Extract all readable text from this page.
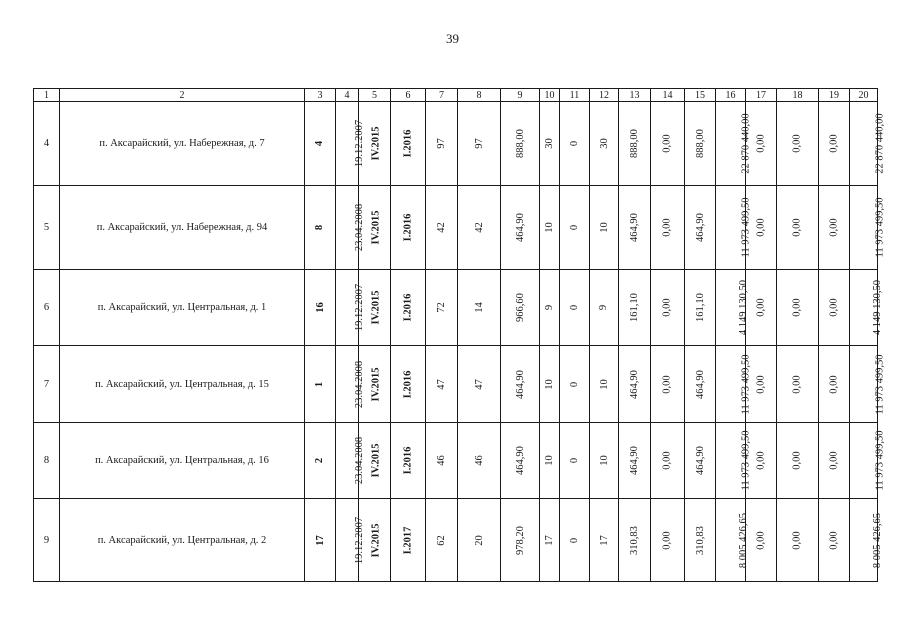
39
1	2	3	4	5	6	7	8	9	10	11	12	13	14	15	16	17	18	19	20
4	п. Аксарайский, ул. Набережная, д. 7	4	19.12.2007	IV.2015	I.2016	97	97	888,00	30	0	30	888,00	0,00	888,00	22 870 440,00	0,00	0,00	0,00	22 870 440,00
5	п. Аксарайский, ул. Набережная, д. 94	8	23.04.2008	IV.2015	I.2016	42	42	464,90	10	0	10	464,90	0,00	464,90	11 973 499,50	0,00	0,00	0,00	11 973 499,50
6	п. Аксарайский, ул. Центральная, д. 1	16	19.12.2007	IV.2015	I.2016	72	14	966,60	9	0	9	161,10	0,00	161,10	4 149 130,50	0,00	0,00	0,00	4 149 130,50
7	п. Аксарайский, ул. Центральная, д. 15	1	23.04.2008	IV.2015	I.2016	47	47	464,90	10	0	10	464,90	0,00	464,90	11 973 499,50	0,00	0,00	0,00	11 973 499,50
8	п. Аксарайский, ул. Центральная, д. 16	2	23.04.2008	IV.2015	I.2016	46	46	464,90	10	0	10	464,90	0,00	464,90	11 973 499,50	0,00	0,00	0,00	11 973 499,50
9	п. Аксарайский, ул. Центральная, д. 2	17	19.12.2007	IV.2015	I.2017	62	20	978,20	17	0	17	310,83	0,00	310,83	8 005 426,65	0,00	0,00	0,00	8 005 426,65
